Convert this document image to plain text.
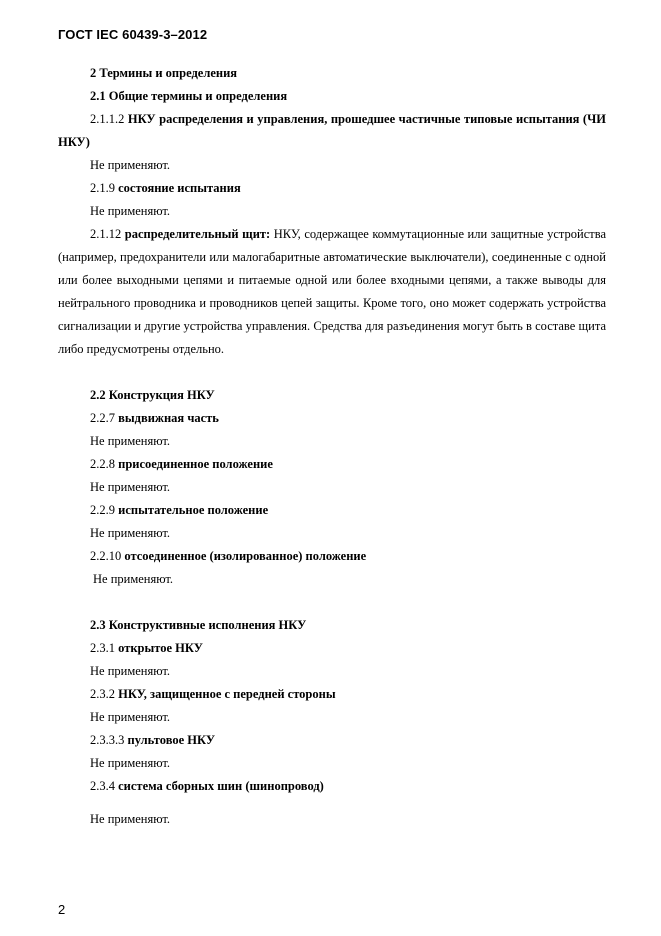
ГОСТ IEC 60439-3–2012

2 Термины и определения

2.1 Общие термины и определения

2.1.1.2 НКУ распределения и управления, прошедшее частичные типовые испытания (ЧИ НКУ)

Не применяют.

2.1.9 состояние испытания

Не применяют.

2.1.12 распределительный щит: НКУ, содержащее коммутационные или защитные устройства (например, предохранители или малогабаритные автоматические выключатели), соединенные с одной или более выходными цепями и питаемые одной или более входными цепями, а также выводы для нейтрального проводника и проводников цепей защиты. Кроме того, оно может содержать устройства сигнализации и другие устройства управления. Средства для разъединения могут быть в составе щита либо предусмотрены отдельно.

2.2 Конструкция НКУ

2.2.7 выдвижная часть

Не применяют.

2.2.8 присоединенное положение

Не применяют.

2.2.9 испытательное положение

Не применяют.

2.2.10 отсоединенное (изолированное) положение

Не применяют.

2.3 Конструктивные исполнения НКУ

2.3.1 открытое НКУ

Не применяют.

2.3.2 НКУ, защищенное с передней стороны

Не применяют.

2.3.3.3 пультовое НКУ

Не применяют.

2.3.4 система сборных шин (шинопровод)

Не применяют.

2
